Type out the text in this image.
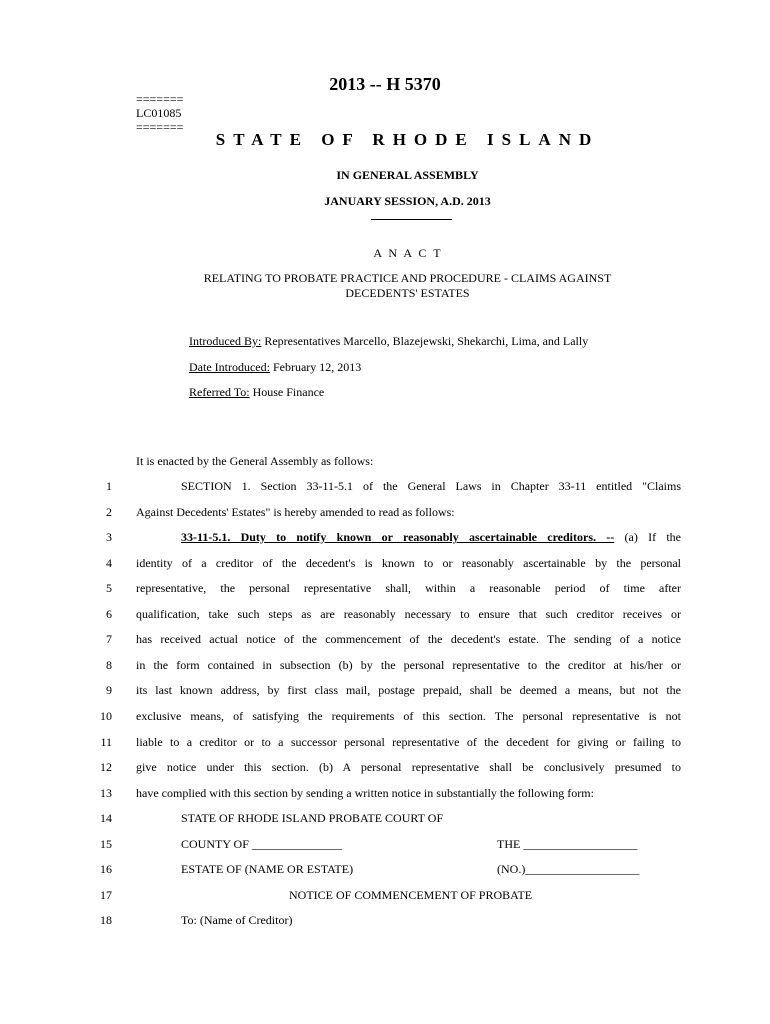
2013 -- H 5370
=======
LC01085
=======
STATE OF RHODE ISLAND
IN GENERAL ASSEMBLY
JANUARY SESSION, A.D. 2013
A N A C T
RELATING TO PROBATE PRACTICE AND PROCEDURE - CLAIMS AGAINST
DECEDENTS' ESTATES
Introduced By: Representatives Marcello, Blazejewski, Shekarchi, Lima, and Lally
Date Introduced: February 12, 2013
Referred To: House Finance
It is enacted by the General Assembly as follows:
1	SECTION 1. Section 33-11-5.1 of the General Laws in Chapter 33-11 entitled "Claims
2 Against Decedents' Estates" is hereby amended to read as follows:
3	33-11-5.1. Duty to notify known or reasonably ascertainable creditors. -- (a) If the
4 identity of a creditor of the decedent's is known to or reasonably ascertainable by the personal
5 representative, the personal representative shall, within a reasonable period of time after
6 qualification, take such steps as are reasonably necessary to ensure that such creditor receives or
7 has received actual notice of the commencement of the decedent's estate. The sending of a notice
8 in the form contained in subsection (b) by the personal representative to the creditor at his/her or
9 its last known address, by first class mail, postage prepaid, shall be deemed a means, but not the
10 exclusive means, of satisfying the requirements of this section. The personal representative is not
11 liable to a creditor or to a successor personal representative of the decedent for giving or failing to
12 give notice under this section. (b) A personal representative shall be conclusively presumed to
13 have complied with this section by sending a written notice in substantially the following form:
14	STATE OF RHODE ISLAND PROBATE COURT OF
15	COUNTY OF _______________	THE ___________________
16	ESTATE OF (NAME OR ESTATE)	(NO.)___________________
17	NOTICE OF COMMENCEMENT OF PROBATE
18	To: (Name of Creditor)
